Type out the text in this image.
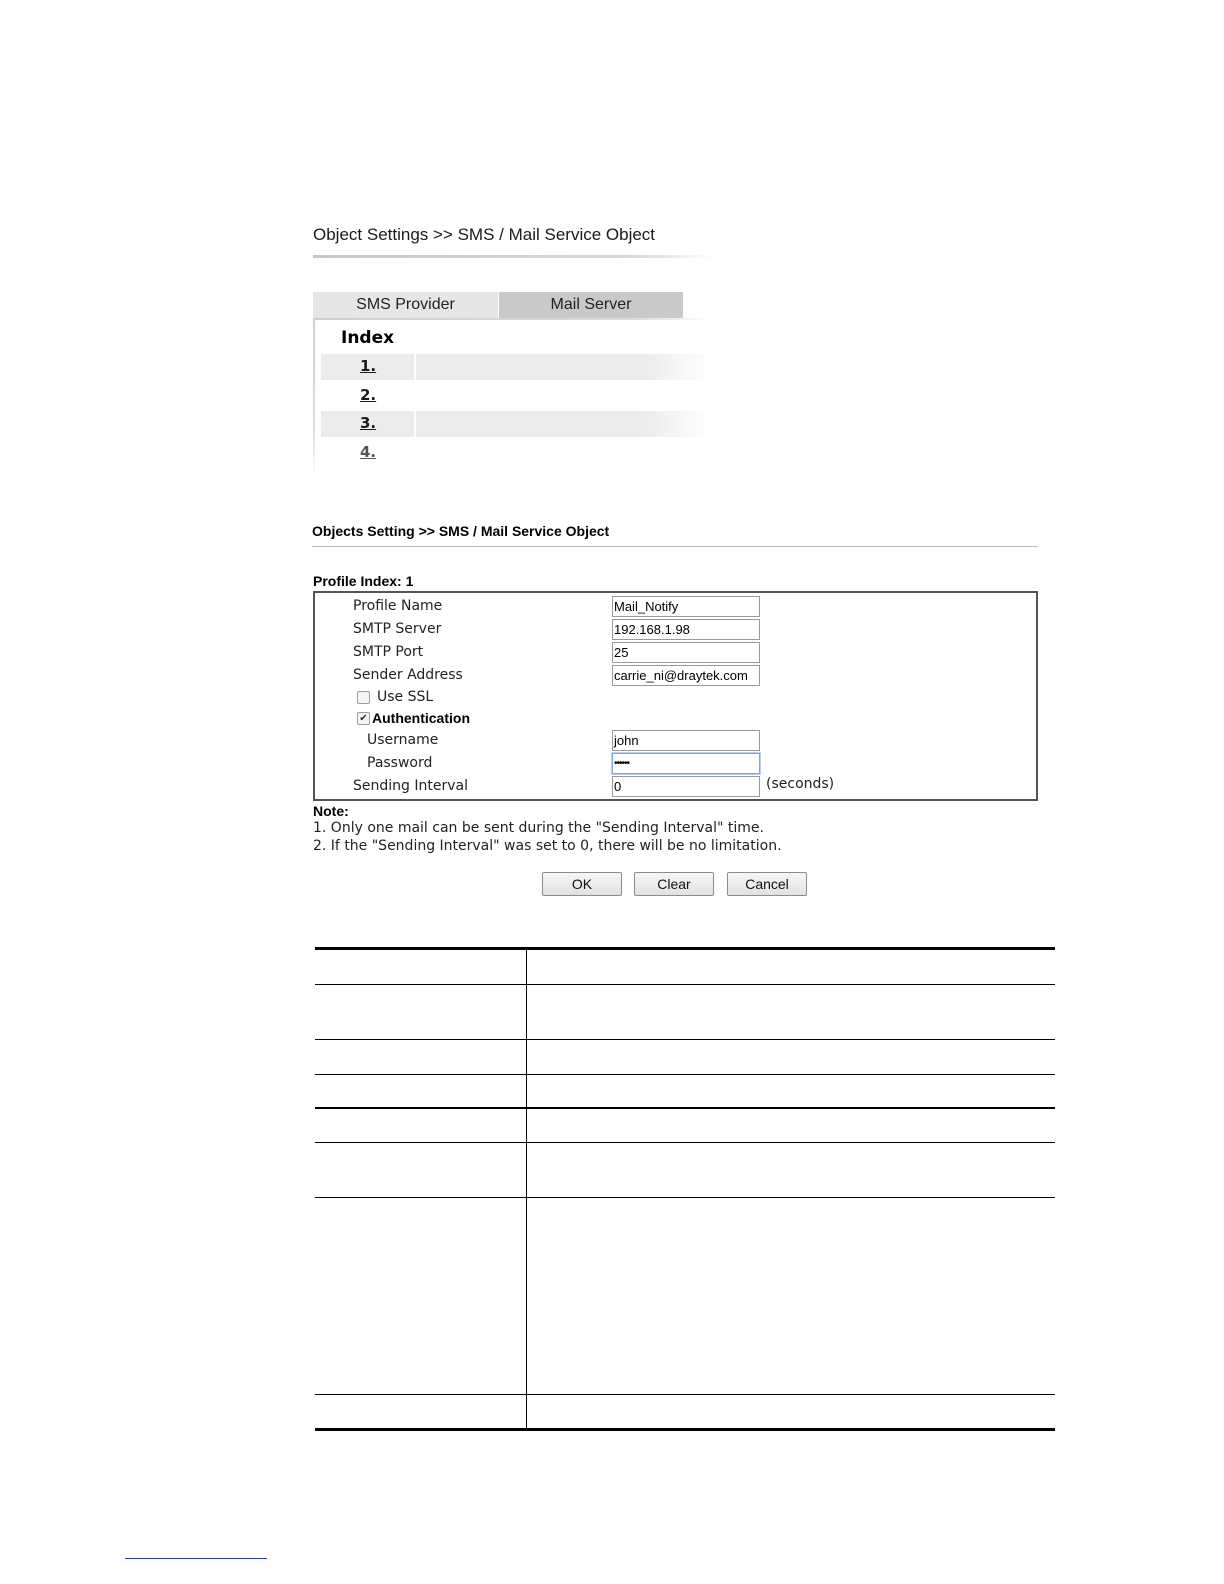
Object Settings >> SMS / Mail Service Object
SMS Provider	Mail Server
Index
1.
2.
3.
4.
Objects Setting >> SMS / Mail Service Object
Profile Index: 1
Profile Name	Mail_Notify
SMTP Server	192.168.1.98
SMTP Port	25
Sender Address	carrie_ni@draytek.com
Use SSL
✔ Authentication
Username	john
Password	••••••
Sending Interval	0	(seconds)
Note:
1. Only one mail can be sent during the "Sending Interval" time.
2. If the "Sending Interval" was set to 0, there will be no limitation.
OK	Clear	Cancel
